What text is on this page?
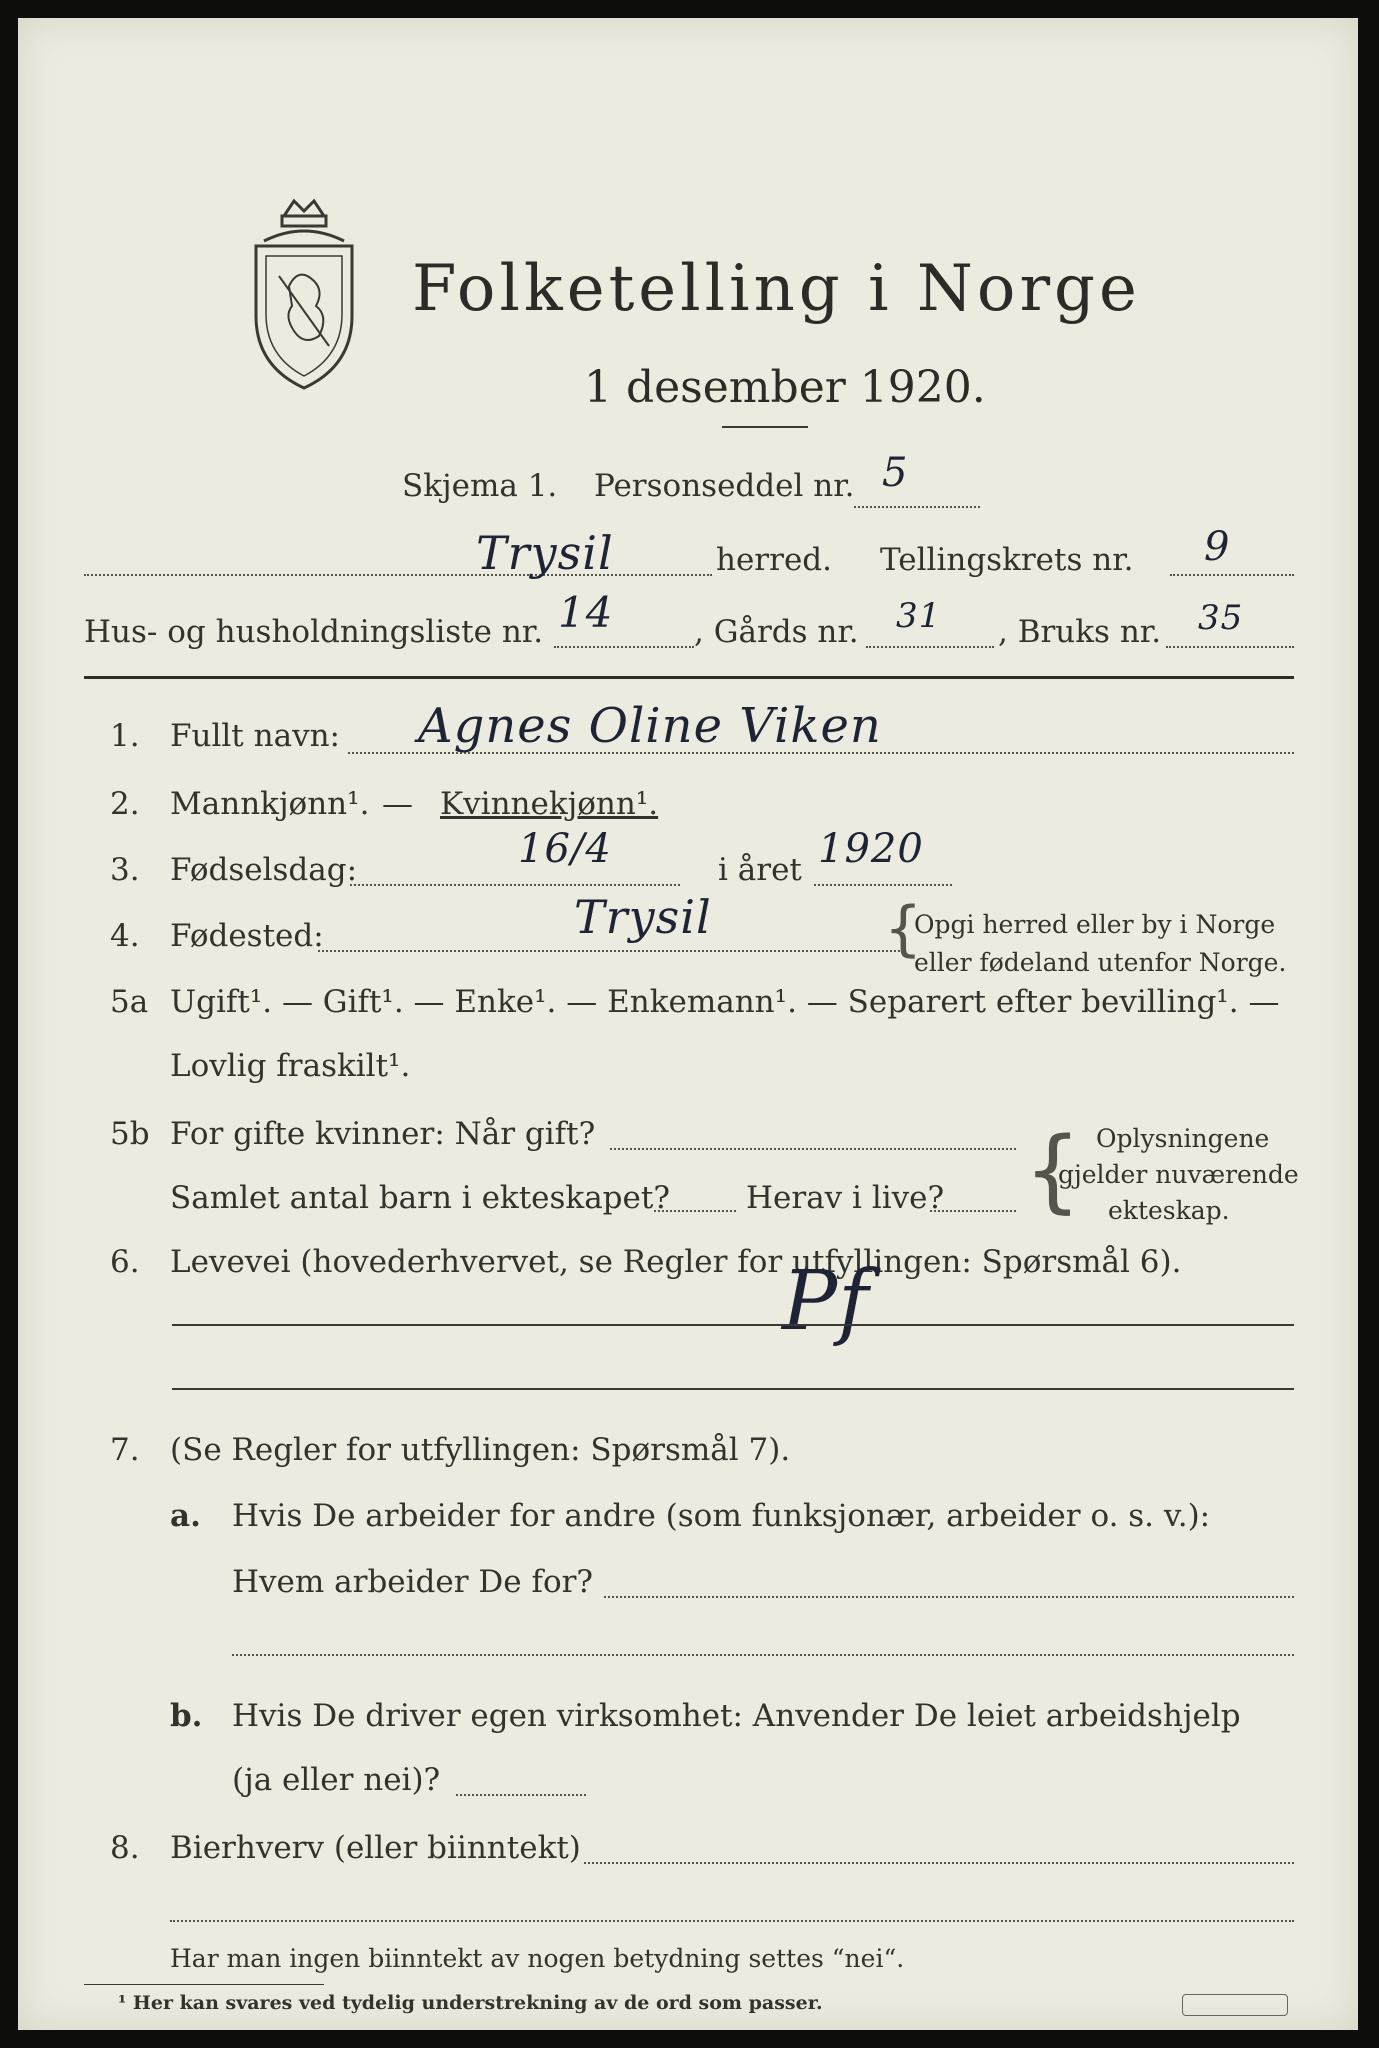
Folketelling i Norge
1 desember 1920.
Skjema 1. Personseddel nr. 5
Trysil	herred. Tellingskrets nr. 9
Hus- og husholdningsliste nr. 14	, Gårds nr. 31 , Bruks nr. 35
1. Fullt navn: Agnes Oline Viken
2. Mannkjønn¹. — Kvinnekjønn¹.
3. Fødselsdag:	16/4	i året 1920
4. Fødested:	Trysil	{
Opgi herred eller by i Norge
eller fødeland utenfor Norge.
5a Ugift¹. — Gift¹. — Enke¹. — Enkemann¹. — Separert efter bevilling¹. —
Lovlig fraskilt¹.
5b For gifte kvinner: Når gift?
Samlet antal barn i ekteskapet? Herav i live? { Oplysningene
gjelder nuværende
ekteskap.
6. Levevei (hovederhvervet, se Regler for utfyllingen: Spørsmål 6).
Pf
7. (Se Regler for utfyllingen: Spørsmål 7).
a. Hvis De arbeider for andre (som funksjonær, arbeider o. s. v.):
Hvem arbeider De for?
b. Hvis De driver egen virksomhet: Anvender De leiet arbeidshjelp
(ja eller nei)?
8. Bierhverv (eller biinntekt)
Har man ingen biinntekt av nogen betydning settes “nei“.
¹ Her kan svares ved tydelig understrekning av de ord som passer.
